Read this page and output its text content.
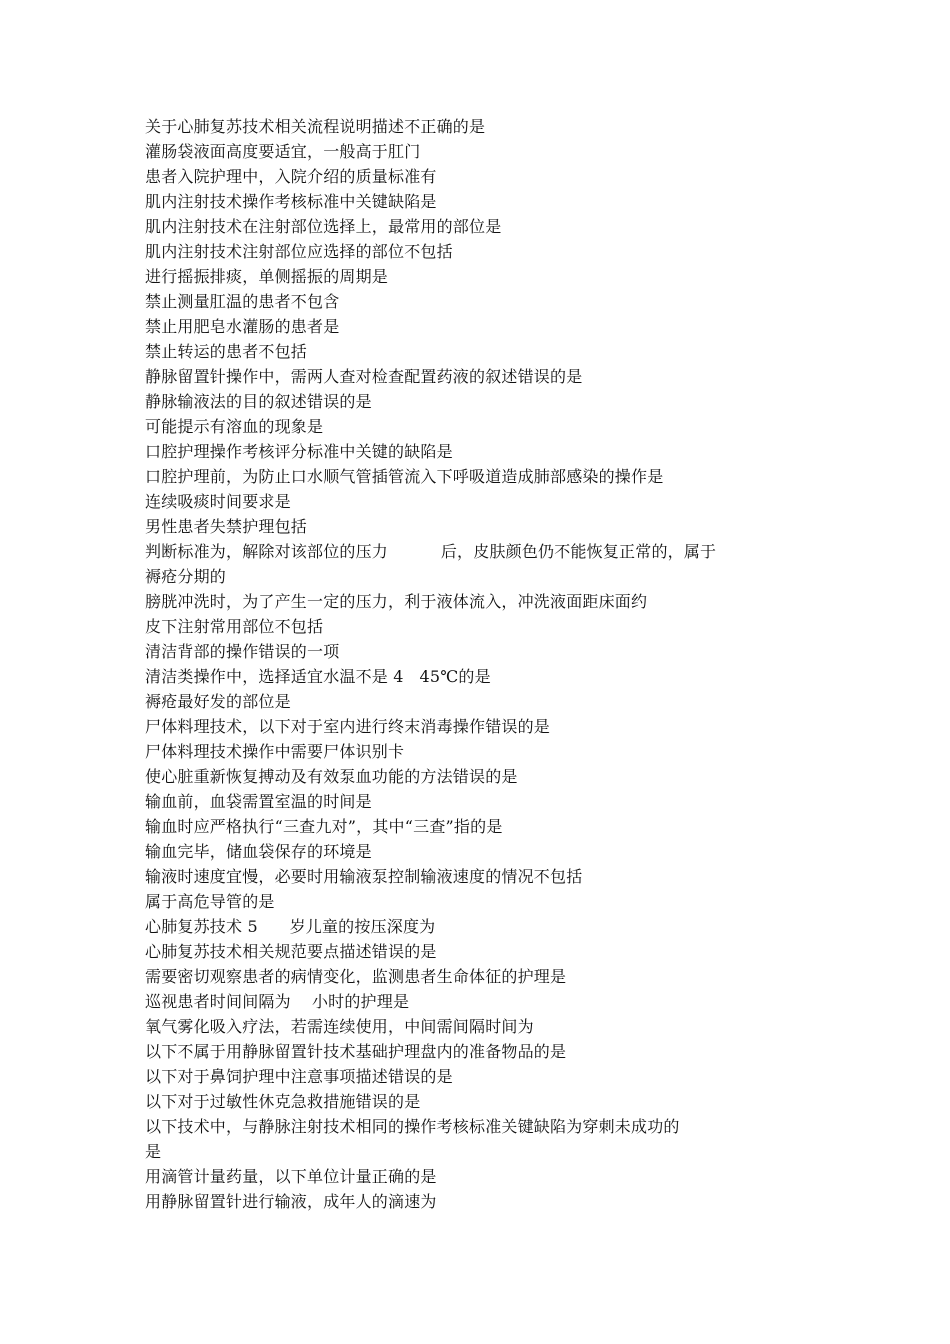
关于心肺复苏技术相关流程说明描述不正确的是
灌肠袋液面高度要适宜，一般高于肛门
患者入院护理中，入院介绍的质量标准有
肌内注射技术操作考核标准中关键缺陷是
肌内注射技术在注射部位选择上，最常用的部位是
肌内注射技术注射部位应选择的部位不包括
进行摇振排痰，单侧摇振的周期是
禁止测量肛温的患者不包含
禁止用肥皂水灌肠的患者是
禁止转运的患者不包括
静脉留置针操作中，需两人查对检查配置药液的叙述错误的是
静脉输液法的目的叙述错误的是
可能提示有溶血的现象是
口腔护理操作考核评分标准中关键的缺陷是
口腔护理前，为防止口水顺气管插管流入下呼吸道造成肺部感染的操作是
连续吸痰时间要求是
男性患者失禁护理包括
判断标准为，解除对该部位的压力          后，皮肤颜色仍不能恢复正常的，属于
褥疮分期的
膀胱冲洗时，为了产生一定的压力，利于液体流入，冲洗液面距床面约
皮下注射常用部位不包括
清洁背部的操作错误的一项
清洁类操作中，选择适宜水温不是 4   45℃的是
褥疮最好发的部位是
尸体料理技术，以下对于室内进行终末消毒操作错误的是
尸体料理技术操作中需要尸体识别卡
使心脏重新恢复搏动及有效泵血功能的方法错误的是
输血前，血袋需置室温的时间是
输血时应严格执行“三查九对”，其中“三查”指的是
输血完毕，储血袋保存的环境是
输液时速度宜慢，必要时用输液泵控制输液速度的情况不包括
属于高危导管的是
心肺复苏技术 5      岁儿童的按压深度为
心肺复苏技术相关规范要点描述错误的是
需要密切观察患者的病情变化，监测患者生命体征的护理是
巡视患者时间间隔为    小时的护理是
氧气雾化吸入疗法，若需连续使用，中间需间隔时间为
以下不属于用静脉留置针技术基础护理盘内的准备物品的是
以下对于鼻饲护理中注意事项描述错误的是
以下对于过敏性休克急救措施错误的是
以下技术中，与静脉注射技术相同的操作考核标准关键缺陷为穿刺未成功的
是
用滴管计量药量，以下单位计量正确的是
用静脉留置针进行输液，成年人的滴速为
